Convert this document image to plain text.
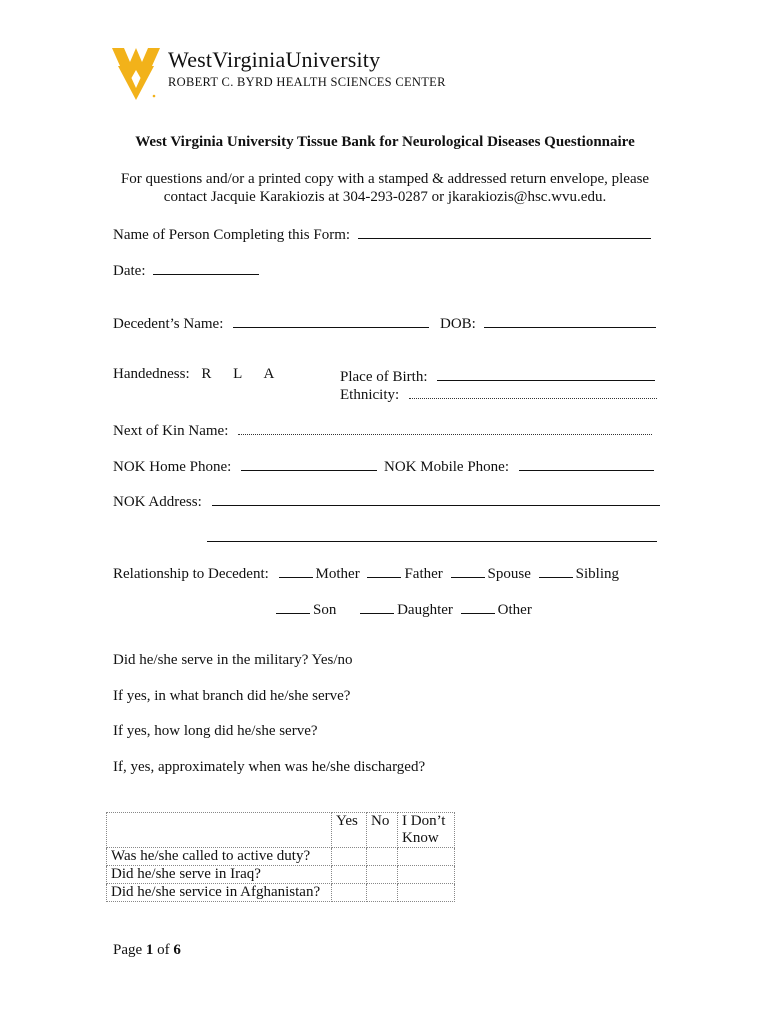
WestVirginiaUniversity
ROBERT C. BYRD HEALTH SCIENCES CENTER
West Virginia University Tissue Bank for Neurological Diseases Questionnaire
For questions and/or a printed copy with a stamped & addressed return envelope, please
contact Jacquie Karakiozis at 304-293-0287 or jkarakiozis@hsc.wvu.edu.
Name of Person Completing this Form:
Date:
Decedent’s Name:	DOB:
Handedness: R L A	Place of Birth:
Ethnicity:
Next of Kin Name:
NOK Home Phone:	NOK Mobile Phone:
NOK Address:
Relationship to Decedent:	Mother	Father	Spouse	Sibling
Son	Daughter	Other
Did he/she serve in the military? Yes/no
If yes, in what branch did he/she serve?
If yes, how long did he/she serve?
If, yes, approximately when was he/she discharged?
	Yes	No	I Don’t
Know

Was he/she called to active duty?			
Did he/she serve in Iraq?			
Did he/she service in Afghanistan?			
Page 1 of 6
